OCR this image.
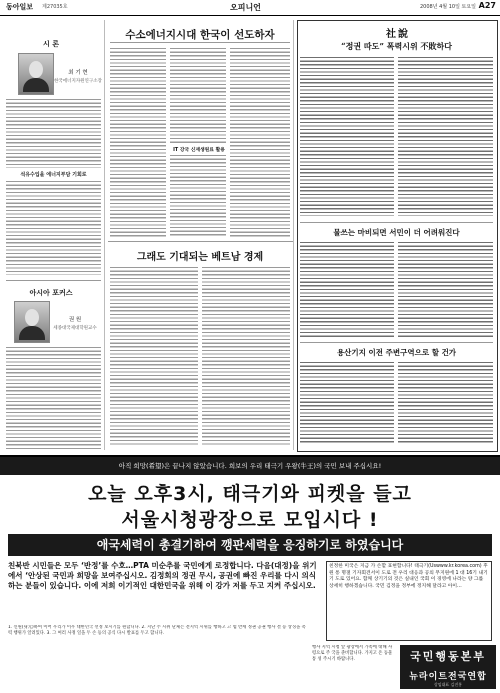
동아일보 제27035호	오피니언	2008년 4월 10일 토요일 A27
시 론
최 기 현
한국에너지자원연구소장
석유수입을 에너지부담 기회로
아시아 포커스
권 원
세종대국제대학원교수
수소에너지시대 한국이 선도하자
IT 강국 신재생원료 활용
그래도 기대되는 베트남 경제
社說
“정권 따도” 폭력시위 不敗하다
물쓰는 마비되면 서민이 더 어려워진다
용산기지 이전 주변구역으로 할 건가
아직 희망(希望)은 끝나지 않았습니다. 희보의 우리 태극기 우왕(牛王)의 국민 보내 주십시요!
오늘 오후3시, 태극기와 피켓을 들고
서울시청광장으로 모입시다 !
애국세력이 총결기하여 깽판세력을 응징하기로 하였습니다
친북반 시민들은 모두 ‘반정’를 수호…PTA 미순추를 국민에게 로정합니다. 다음(대정)을 위기에서 ‘안상된 국민과 희망을 보여주십시오. 김정회의 정권 무시, 공권에 빠진 우리를 다시 의식하는 분들이 있습니다. 이에 저희 이기적인 대한민국을 위해 이 강가 저를 두고 지켜 주십시오.
친정한 미국은 지금 가 손할 표현합니다! 태극기(Uswww.kr.korea.com) 후원 통 명절 기자회견서이 도로 전 우리 대응과 공의 무지원에 1 대 16기 내기기 도로 있어요. 함께 상기기의 것은 실내인 국회 이 경영에 나라는 양 그를 상세히 행하겠습니다. 국민 김정을 정부에 정지해 달라고 아이…
1. 신원(身元)하여 이어 우리가 이우 대한민국 선정 보시기를 원합니다. 2. 지난 주 시위 단체는 전지역 시위를 행하고 고 엽 반세 정권 공권 행사 결 등 상징을 폭력 행위가 알려있다. 3. 그 여러 사정 일을 두 손 등의 공식 다시 발표를 두고 합니다.
행사 지역 시청 앞 광장에서 가족에 대해 사령으로 주 국을 준비합니다. 가지고 온 동물 통 성 주시기 바랍니다.	국민행동본부
뉴라이트전국연합
상임대표 김진홍
